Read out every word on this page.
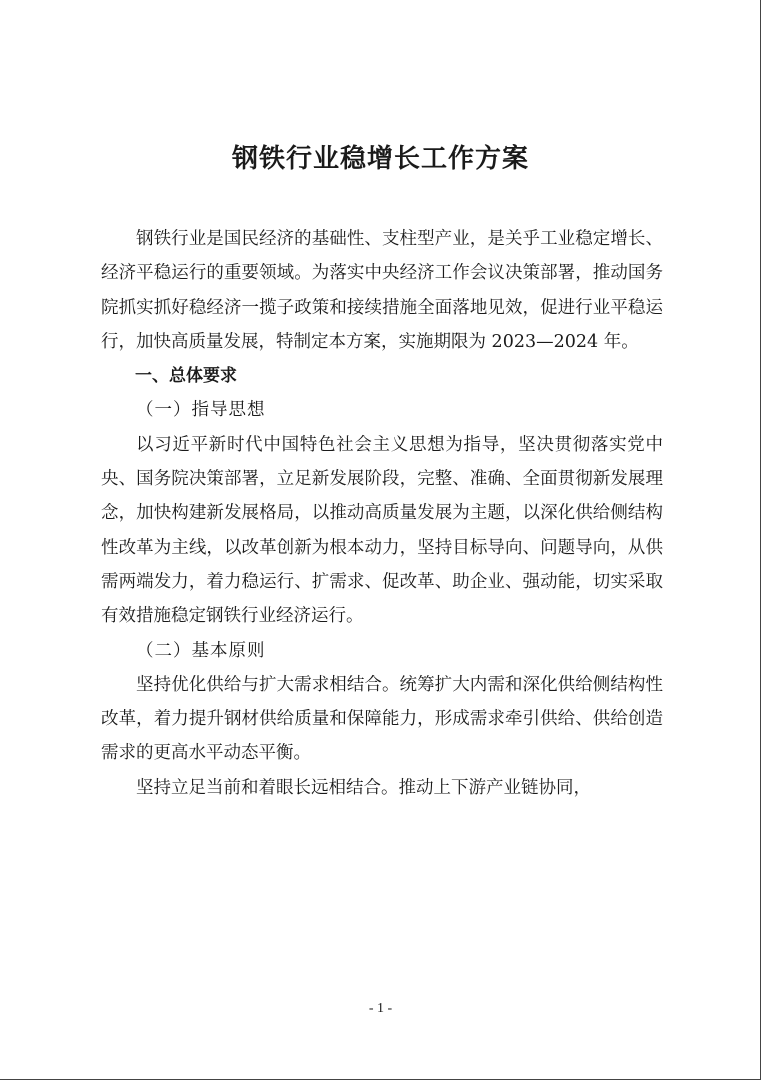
钢铁行业稳增长工作方案

钢铁行业是国民经济的基础性、支柱型产业，是关乎工业稳定增长、经济平稳运行的重要领域。为落实中央经济工作会议决策部署，推动国务院抓实抓好稳经济一揽子政策和接续措施全面落地见效，促进行业平稳运行，加快高质量发展，特制定本方案，实施期限为 2023—2024 年。

一、总体要求

（一）指导思想

以习近平新时代中国特色社会主义思想为指导，坚决贯彻落实党中央、国务院决策部署，立足新发展阶段，完整、准确、全面贯彻新发展理念，加快构建新发展格局，以推动高质量发展为主题，以深化供给侧结构性改革为主线，以改革创新为根本动力，坚持目标导向、问题导向，从供需两端发力，着力稳运行、扩需求、促改革、助企业、强动能，切实采取有效措施稳定钢铁行业经济运行。

（二）基本原则

坚持优化供给与扩大需求相结合。统筹扩大内需和深化供给侧结构性改革，着力提升钢材供给质量和保障能力，形成需求牵引供给、供给创造需求的更高水平动态平衡。

坚持立足当前和着眼长远相结合。推动上下游产业链协同，

- 1 -
